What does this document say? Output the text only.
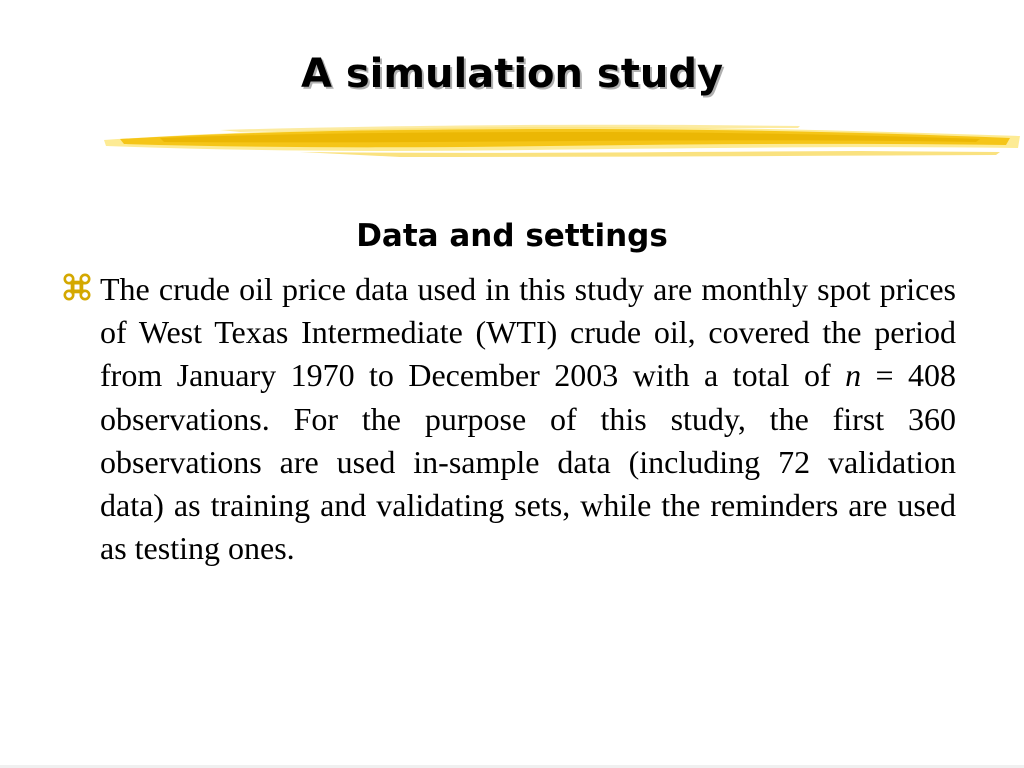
A simulation study
Data and settings

The crude oil price data used in this study are monthly spot prices of West Texas Intermediate (WTI) crude oil, covered the period from January 1970 to December 2003 with a total of n = 408 observations. For the purpose of this study, the first 360 observations are used in-sample data (including 72 validation data) as training and validating sets, while the reminders are used as testing ones.
